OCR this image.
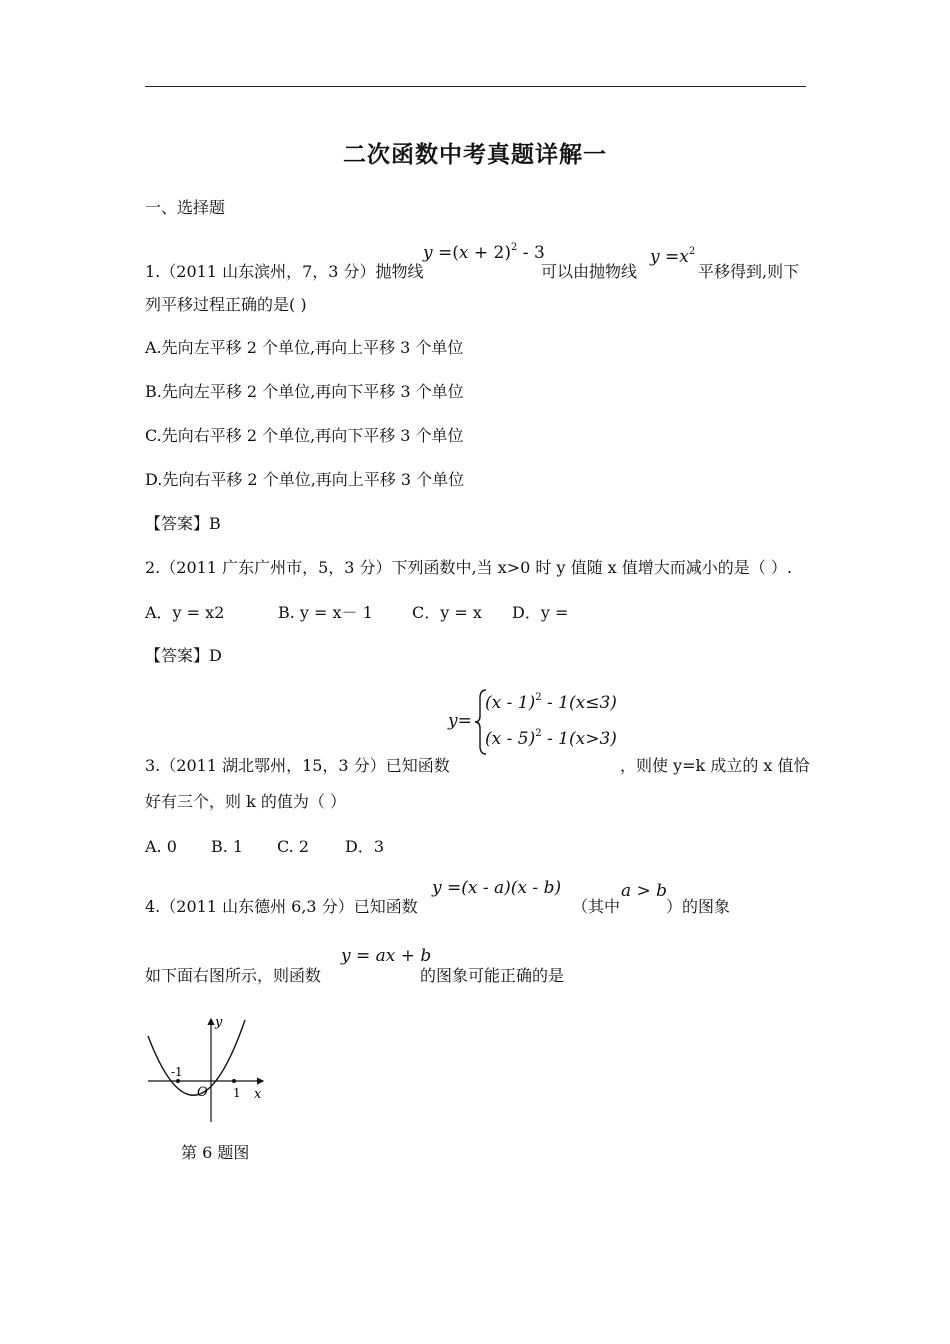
二次函数中考真题详解一
一、选择题
1.（2011 山东滨州，7，3 分）抛物线
$y =(x + 2)^2 - 3$
可以由抛物线
$y =x^2$
平移得到,则下
列平移过程正确的是( )
A.先向左平移 2 个单位,再向上平移 3 个单位
B.先向左平移 2 个单位,再向下平移 3 个单位
C.先向右平移 2 个单位,再向下平移 3 个单位
D.先向右平移 2 个单位,再向上平移 3 个单位
【答案】B
2.（2011 广东广州市，5，3 分）下列函数中,当 x>0 时 y 值随 x 值增大而减小的是（ ）.
A．y = x2	B. y = x－ 1 C．y = x D．y =
【答案】D
y=
(x - 1)$^2$ - 1(x≤3)
(x - 5)$^2$ - 1(x>3)
3.（2011 湖北鄂州，15，3 分）已知函数	，则使 y=k 成立的 x 值恰
好有三个，则 k 的值为（ ）
A. 0 B. 1 C. 2 D．3
y =(x - a)(x - b)	a > b
4.（2011 山东德州 6,3 分）已知函数	（其中	）的图象
y = ax + b
如下面右图所示，则函数	的图象可能正确的是
-1
1
O	x
y
第 6 题图
